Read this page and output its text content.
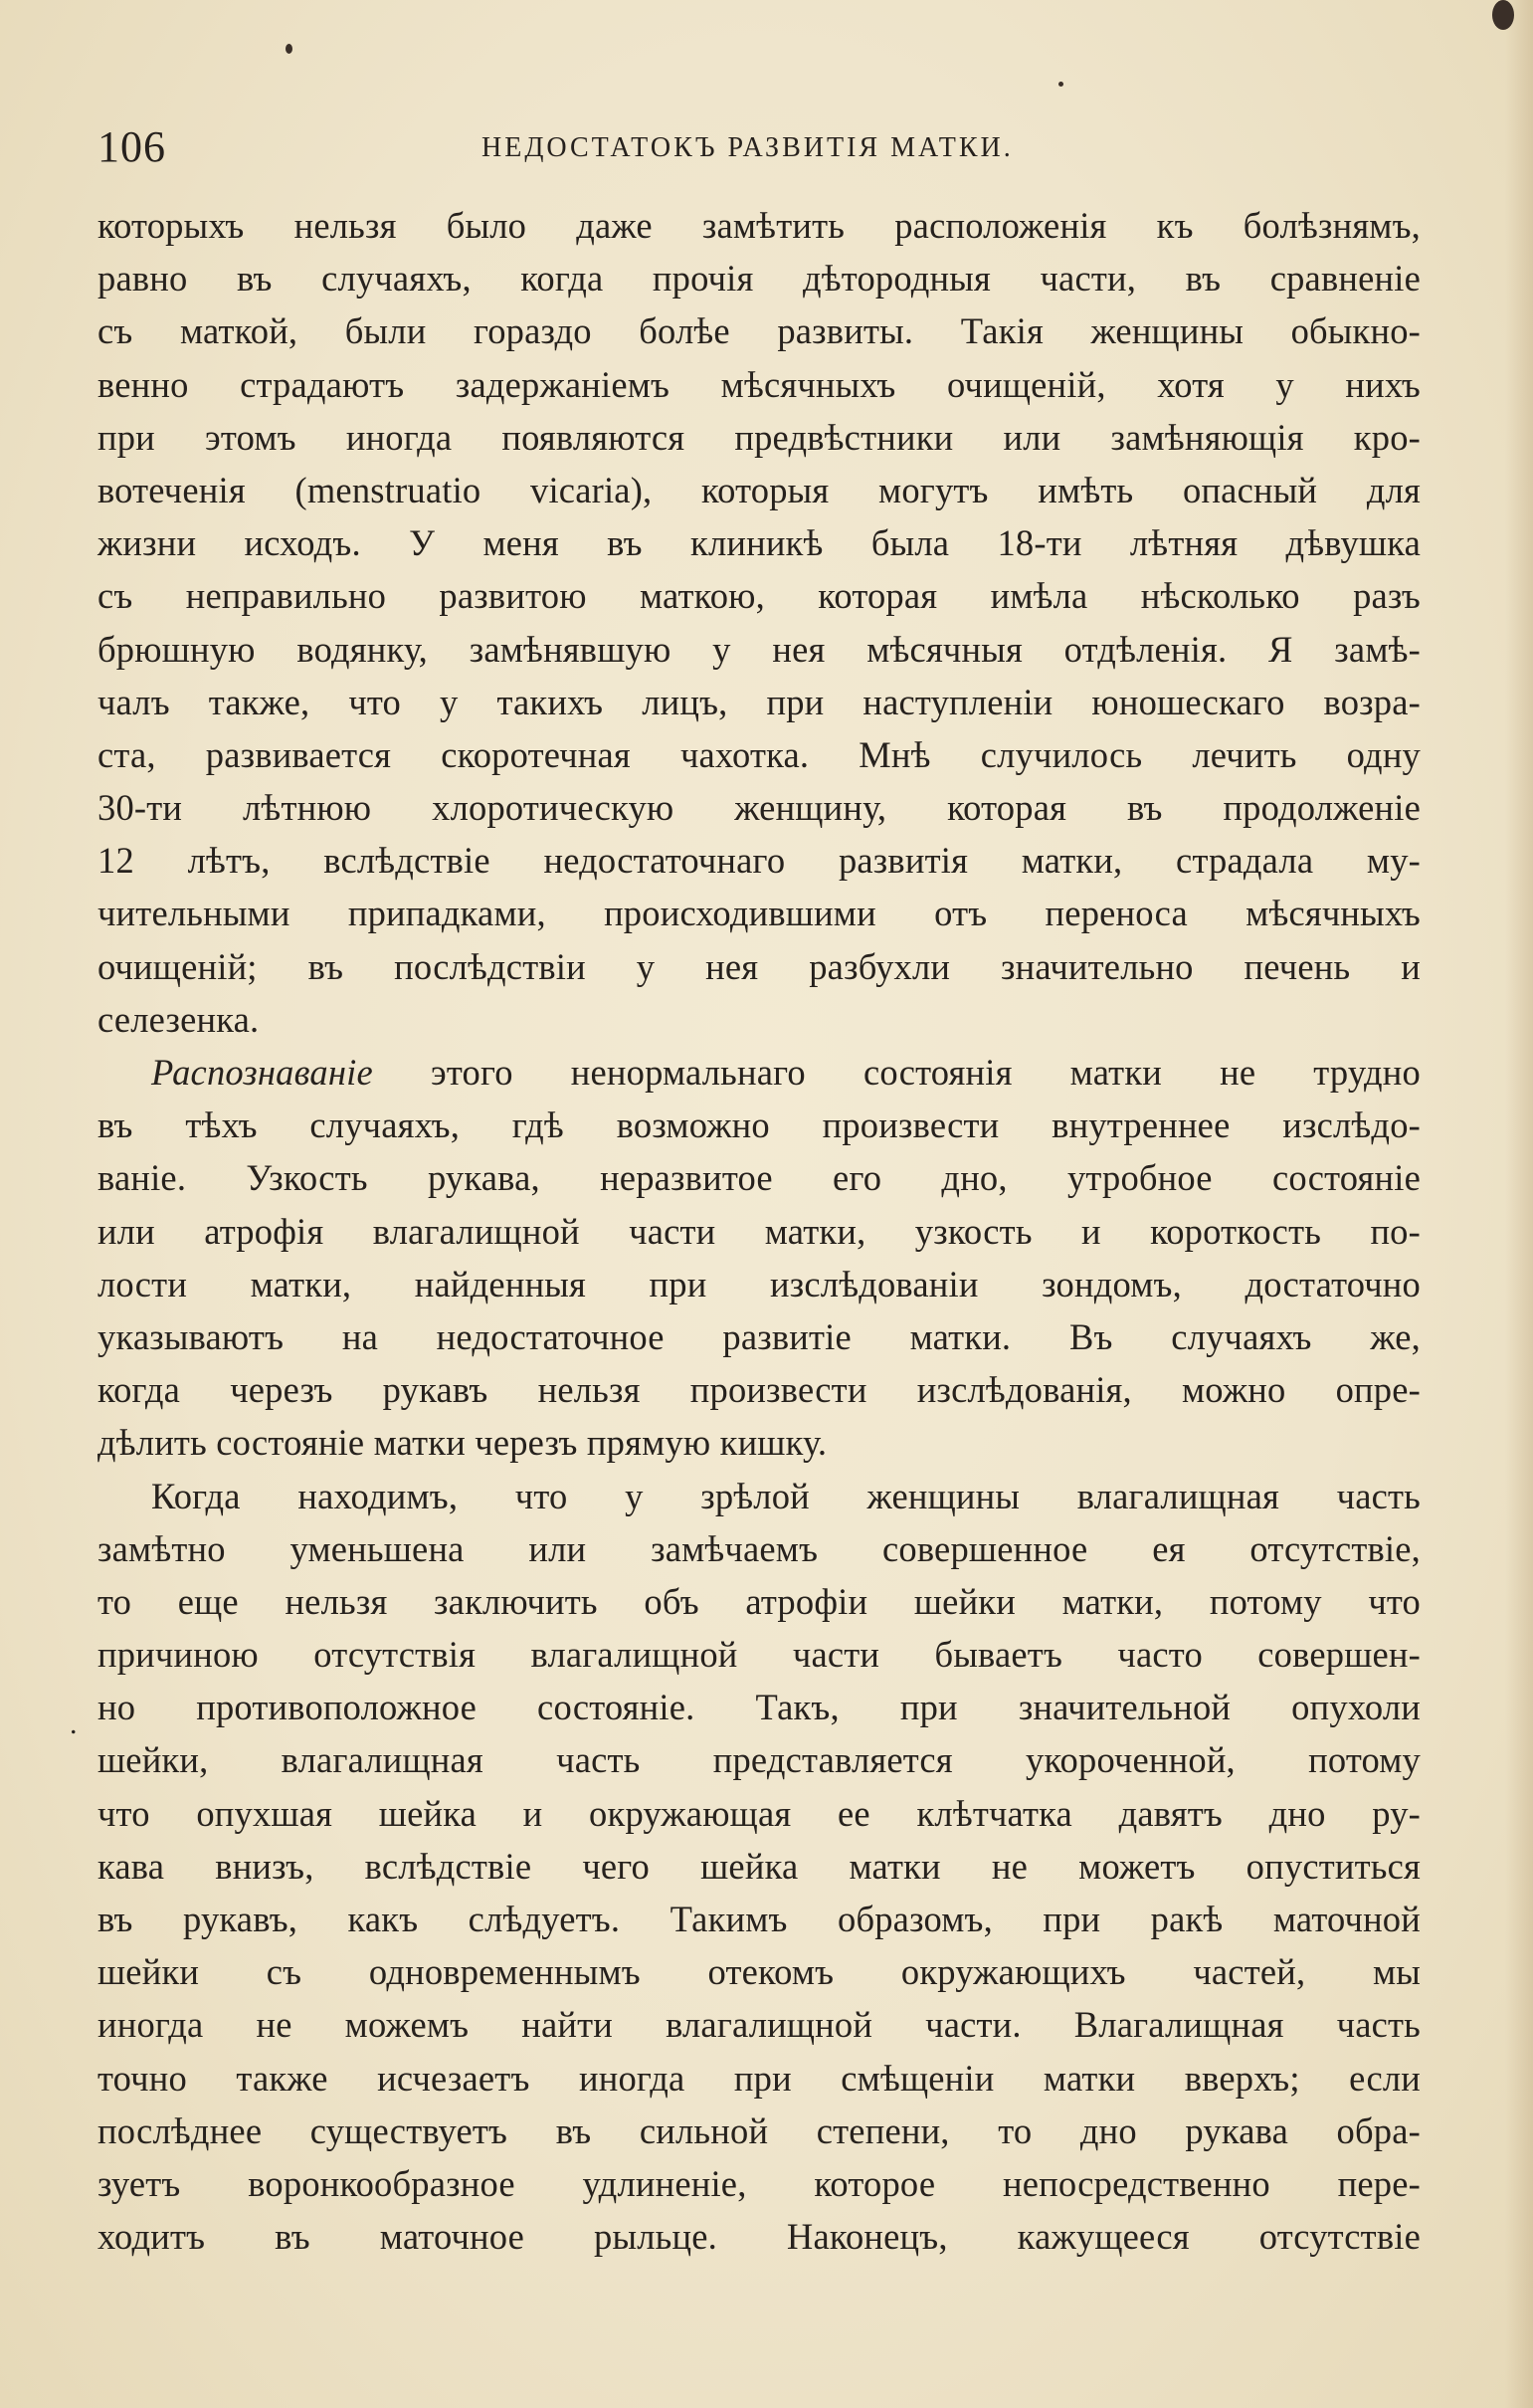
106	НЕДОСТАТОКЪ РАЗВИТІЯ МАТКИ.
.
которыхъ нельзя было даже замѣтить расположенія къ болѣзнямъ,
равно въ случаяхъ, когда прочія дѣтородныя части, въ сравненіе
съ маткой, были гораздо болѣе развиты. Такія женщины обыкно-
венно страдаютъ задержаніемъ мѣсячныхъ очищеній, хотя у нихъ
при этомъ иногда появляются предвѣстники или замѣняющія кро-
вотеченія (menstruatio vicaria), которыя могутъ имѣть опасный для
жизни исходъ. У меня въ клиникѣ была 18-ти лѣтняя дѣвушка
съ неправильно развитою маткою, которая имѣла нѣсколько разъ
брюшную водянку, замѣнявшую у нея мѣсячныя отдѣленія. Я замѣ-
чалъ также, что у такихъ лицъ, при наступленіи юношескаго возра-
ста, развивается скоротечная чахотка. Мнѣ случилось лечить одну
30-ти лѣтнюю хлоротическую женщину, которая въ продолженіе
12 лѣтъ, вслѣдствіе недостаточнаго развитія матки, страдала му-
чительными припадками, происходившими отъ переноса мѣсячныхъ
очищеній; въ послѣдствіи у нея разбухли значительно печень и
селезенка.
Распознаваніе этого ненормальнаго состоянія матки не трудно
въ тѣхъ случаяхъ, гдѣ возможно произвести внутреннее изслѣдо-
ваніе. Узкость рукава, неразвитое его дно, утробное состояніе
или атрофія влагалищной части матки, узкость и короткость по-
лости матки, найденныя при изслѣдованіи зондомъ, достаточно
указываютъ на недостаточное развитіе матки. Въ случаяхъ же,
когда черезъ рукавъ нельзя произвести изслѣдованія, можно опре-
дѣлить состояніе матки черезъ прямую кишку.
Когда находимъ, что у зрѣлой женщины влагалищная часть
замѣтно уменьшена или замѣчаемъ совершенное ея отсутствіе,
то еще нельзя заключить объ атрофіи шейки матки, потому что
причиною отсутствія влагалищной части бываетъ часто совершен-
но противоположное состояніе. Такъ, при значительной опухоли
шейки, влагалищная часть представляется укороченной, потому
что опухшая шейка и окружающая ее клѣтчатка давятъ дно ру-
кава внизъ, вслѣдствіе чего шейка матки не можетъ опуститься
въ рукавъ, какъ слѣдуетъ. Такимъ образомъ, при ракѣ маточной
шейки съ одновременнымъ отекомъ окружающихъ частей, мы
иногда не можемъ найти влагалищной части. Влагалищная часть
точно также исчезаетъ иногда при смѣщеніи матки вверхъ; если
послѣднее существуетъ въ сильной степени, то дно рукава обра-
зуетъ воронкообразное удлиненіе, которое непосредственно пере-
ходитъ въ маточное рыльце. Наконецъ, кажущееся отсутствіе
